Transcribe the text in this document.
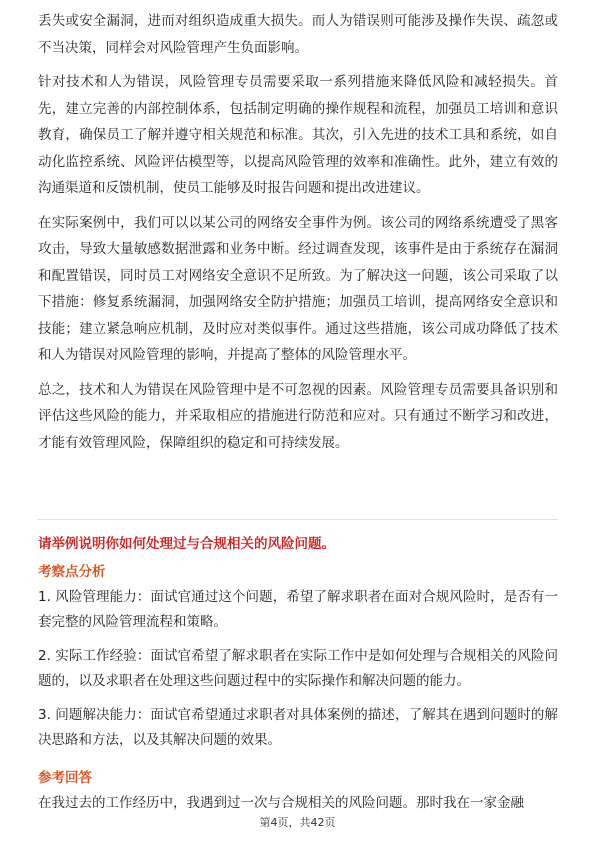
丢失或安全漏洞，进而对组织造成重大损失。而人为错误则可能涉及操作失误、疏忽或不当决策，同样会对风险管理产生负面影响。

针对技术和人为错误，风险管理专员需要采取一系列措施来降低风险和减轻损失。首先，建立完善的内部控制体系，包括制定明确的操作规程和流程，加强员工培训和意识教育，确保员工了解并遵守相关规范和标准。其次，引入先进的技术工具和系统，如自动化监控系统、风险评估模型等，以提高风险管理的效率和准确性。此外，建立有效的沟通渠道和反馈机制，使员工能够及时报告问题和提出改进建议。

在实际案例中，我们可以以某公司的网络安全事件为例。该公司的网络系统遭受了黑客攻击，导致大量敏感数据泄露和业务中断。经过调查发现，该事件是由于系统存在漏洞和配置错误，同时员工对网络安全意识不足所致。为了解决这一问题，该公司采取了以下措施：修复系统漏洞，加强网络安全防护措施；加强员工培训，提高网络安全意识和技能；建立紧急响应机制，及时应对类似事件。通过这些措施，该公司成功降低了技术和人为错误对风险管理的影响，并提高了整体的风险管理水平。

总之，技术和人为错误在风险管理中是不可忽视的因素。风险管理专员需要具备识别和评估这些风险的能力，并采取相应的措施进行防范和应对。只有通过不断学习和改进，才能有效管理风险，保障组织的稳定和可持续发展。

请举例说明你如何处理过与合规相关的风险问题。
考察点分析

1. 风险管理能力：面试官通过这个问题，希望了解求职者在面对合规风险时，是否有一套完整的风险管理流程和策略。

2. 实际工作经验：面试官希望了解求职者在实际工作中是如何处理与合规相关的风险问题的，以及求职者在处理这些问题过程中的实际操作和解决问题的能力。

3. 问题解决能力：面试官希望通过求职者对具体案例的描述，了解其在遇到问题时的解决思路和方法，以及其解决问题的效果。

参考回答
在我过去的工作经历中，我遇到过一次与合规相关的风险问题。那时我在一家金融
第4页，共42页
